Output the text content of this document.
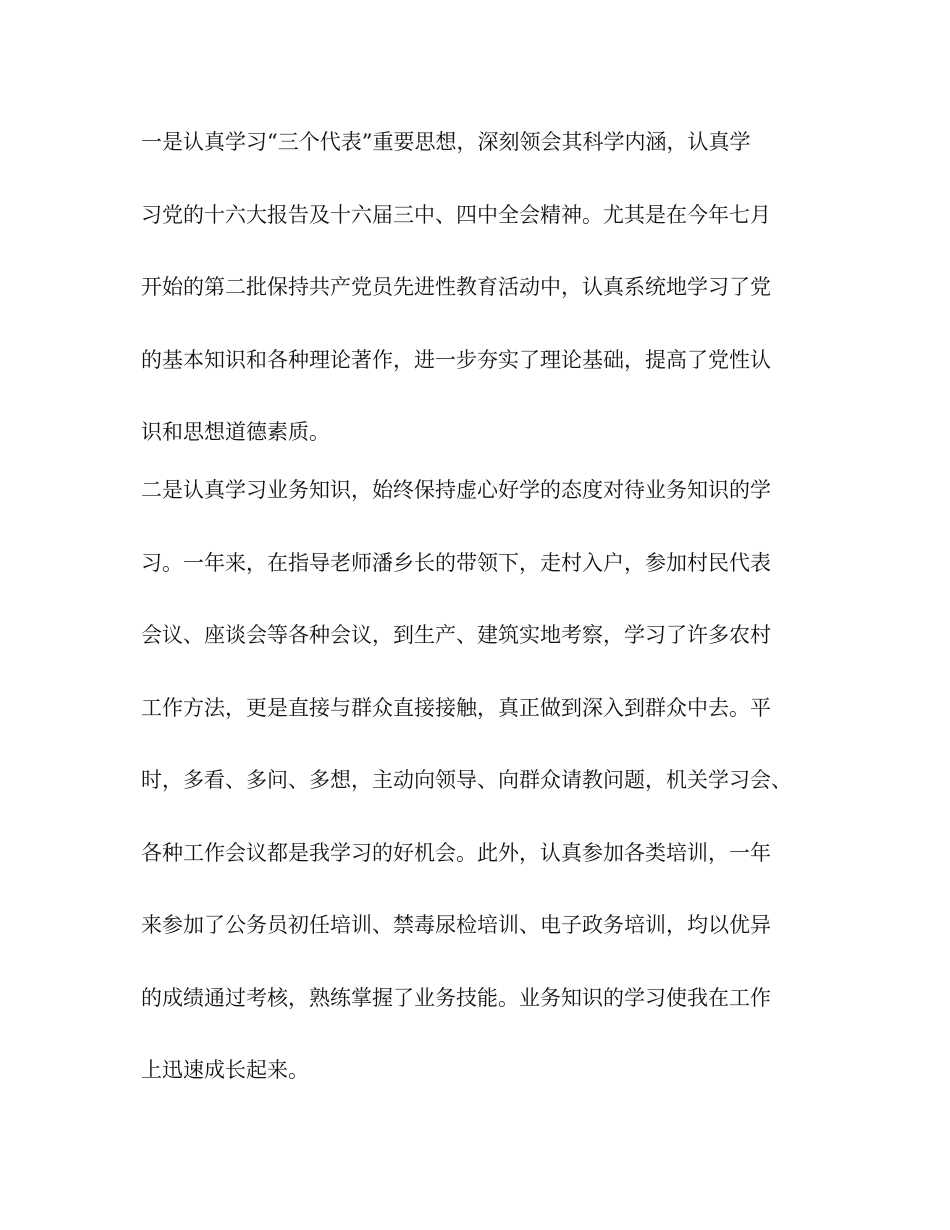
一是认真学习“三个代表”重要思想，深刻领会其科学内涵，认真学
习党的十六大报告及十六届三中、四中全会精神。尤其是在今年七月
开始的第二批保持共产党员先进性教育活动中，认真系统地学习了党
的基本知识和各种理论著作，进一步夯实了理论基础，提高了党性认
识和思想道德素质。
二是认真学习业务知识，始终保持虚心好学的态度对待业务知识的学
习。一年来，在指导老师潘乡长的带领下，走村入户，参加村民代表
会议、座谈会等各种会议，到生产、建筑实地考察，学习了许多农村
工作方法，更是直接与群众直接接触，真正做到深入到群众中去。平
时，多看、多问、多想，主动向领导、向群众请教问题，机关学习会、
各种工作会议都是我学习的好机会。此外，认真参加各类培训，一年
来参加了公务员初任培训、禁毒尿检培训、电子政务培训，均以优异
的成绩通过考核，熟练掌握了业务技能。业务知识的学习使我在工作
上迅速成长起来。
